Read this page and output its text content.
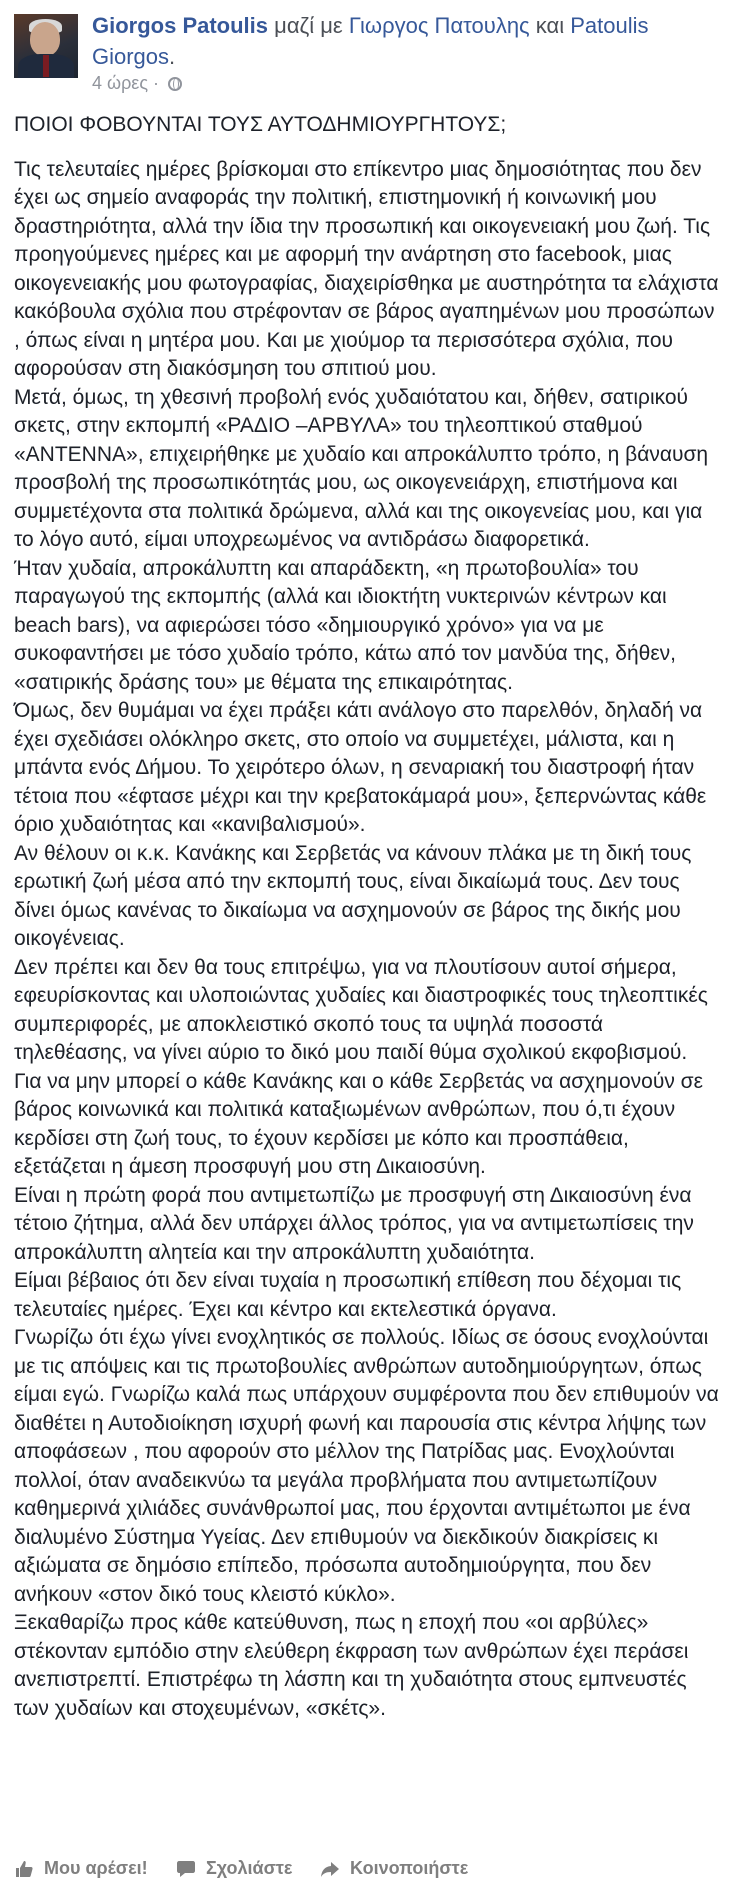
Giorgos Patoulis μαζί με Γιωργος Πατουλης και Patoulis Giorgos.
4 ώρες ·

ΠΟΙΟΙ ΦΟΒΟΥΝΤΑΙ ΤΟΥΣ ΑΥΤΟΔΗΜΙΟΥΡΓΗΤΟΥΣ;

Τις τελευταίες ημέρες βρίσκομαι στο επίκεντρο μιας δημοσιότητας που δεν έχει ως σημείο αναφοράς την πολιτική, επιστημονική ή κοινωνική μου δραστηριότητα, αλλά την ίδια την προσωπική και οικογενειακή μου ζωή. Τις προηγούμενες ημέρες και με αφορμή την ανάρτηση στο facebook, μιας οικογενειακής μου φωτογραφίας, διαχειρίσθηκα με αυστηρότητα τα ελάχιστα κακόβουλα σχόλια που στρέφονταν σε βάρος αγαπημένων μου προσώπων , όπως είναι η μητέρα μου. Και με χιούμορ τα περισσότερα σχόλια, που αφορούσαν στη διακόσμηση του σπιτιού μου.

Μετά, όμως, τη χθεσινή προβολή ενός χυδαιότατου και, δήθεν, σατιρικού σκετς, στην εκπομπή «ΡΑΔΙΟ –ΑΡΒΥΛΑ» του τηλεοπτικού σταθμού «ΑΝΤΕΝΝΑ», επιχειρήθηκε με χυδαίο και απροκάλυπτο τρόπο, η βάναυση προσβολή της προσωπικότητάς μου, ως οικογενειάρχη, επιστήμονα και συμμετέχοντα στα πολιτικά δρώμενα, αλλά και της οικογενείας μου, και για το λόγο αυτό, είμαι υποχρεωμένος να αντιδράσω διαφορετικά.

Ήταν χυδαία, απροκάλυπτη και απαράδεκτη, «η πρωτοβουλία» του παραγωγού της εκπομπής (αλλά και ιδιοκτήτη νυκτερινών κέντρων και beach bars), να αφιερώσει τόσο «δημιουργικό χρόνο» για να με συκοφαντήσει με τόσο χυδαίο τρόπο, κάτω από τον μανδύα της, δήθεν, «σατιρικής δράσης του» με θέματα της επικαιρότητας.

Όμως, δεν θυμάμαι να έχει πράξει κάτι ανάλογο στο παρελθόν, δηλαδή να έχει σχεδιάσει ολόκληρο σκετς, στο οποίο να συμμετέχει, μάλιστα, και η μπάντα ενός Δήμου. Το χειρότερο όλων, η σεναριακή του διαστροφή ήταν τέτοια που «έφτασε μέχρι και την κρεβατοκάμαρά μου», ξεπερνώντας κάθε όριο χυδαιότητας και «κανιβαλισμού».

Αν θέλουν οι κ.κ. Κανάκης και Σερβετάς να κάνουν πλάκα με τη δική τους ερωτική ζωή μέσα από την εκπομπή τους, είναι δικαίωμά τους. Δεν τους δίνει όμως κανένας το δικαίωμα να ασχημονούν σε βάρος της δικής μου οικογένειας.

Δεν πρέπει και δεν θα τους επιτρέψω, για να πλουτίσουν αυτοί σήμερα, εφευρίσκοντας και υλοποιώντας χυδαίες και διαστροφικές τους τηλεοπτικές συμπεριφορές, με αποκλειστικό σκοπό τους τα υψηλά ποσοστά τηλεθέασης, να γίνει αύριο το δικό μου παιδί θύμα σχολικού εκφοβισμού.

Για να μην μπορεί ο κάθε Κανάκης και ο κάθε Σερβετάς να ασχημονούν σε βάρος κοινωνικά και πολιτικά καταξιωμένων ανθρώπων, που ό,τι έχουν κερδίσει στη ζωή τους, το έχουν κερδίσει με κόπο και προσπάθεια, εξετάζεται η άμεση προσφυγή μου στη Δικαιοσύνη.

Είναι η πρώτη φορά που αντιμετωπίζω με προσφυγή στη Δικαιοσύνη ένα τέτοιο ζήτημα, αλλά δεν υπάρχει άλλος τρόπος, για να αντιμετωπίσεις την απροκάλυπτη αλητεία και την απροκάλυπτη χυδαιότητα.

Είμαι βέβαιος ότι δεν είναι τυχαία η προσωπική επίθεση που δέχομαι τις τελευταίες ημέρες. Έχει και κέντρο και εκτελεστικά όργανα.

Γνωρίζω ότι έχω γίνει ενοχλητικός σε πολλούς. Ιδίως σε όσους ενοχλούνται με τις απόψεις και τις πρωτοβουλίες ανθρώπων αυτοδημιούργητων, όπως είμαι εγώ. Γνωρίζω καλά πως υπάρχουν συμφέροντα που δεν επιθυμούν να διαθέτει η Αυτοδιοίκηση ισχυρή φωνή και παρουσία στις κέντρα λήψης των αποφάσεων , που αφορούν στο μέλλον της Πατρίδας μας. Ενοχλούνται πολλοί, όταν αναδεικνύω τα μεγάλα προβλήματα που αντιμετωπίζουν καθημερινά χιλιάδες συνάνθρωποί μας, που έρχονται αντιμέτωποι με ένα διαλυμένο Σύστημα Υγείας. Δεν επιθυμούν να διεκδικούν διακρίσεις κι αξιώματα σε δημόσιο επίπεδο, πρόσωπα αυτοδημιούργητα, που δεν ανήκουν «στον δικό τους κλειστό κύκλο».

Ξεκαθαρίζω προς κάθε κατεύθυνση, πως η εποχή που «οι αρβύλες» στέκονταν εμπόδιο στην ελεύθερη έκφραση των ανθρώπων έχει περάσει ανεπιστρεπτί. Επιστρέφω τη λάσπη και τη χυδαιότητα στους εμπνευστές των χυδαίων και στοχευμένων, «σκέτς».

Μου αρέσει!	Σχολιάστε	Κοινοποιήστε
